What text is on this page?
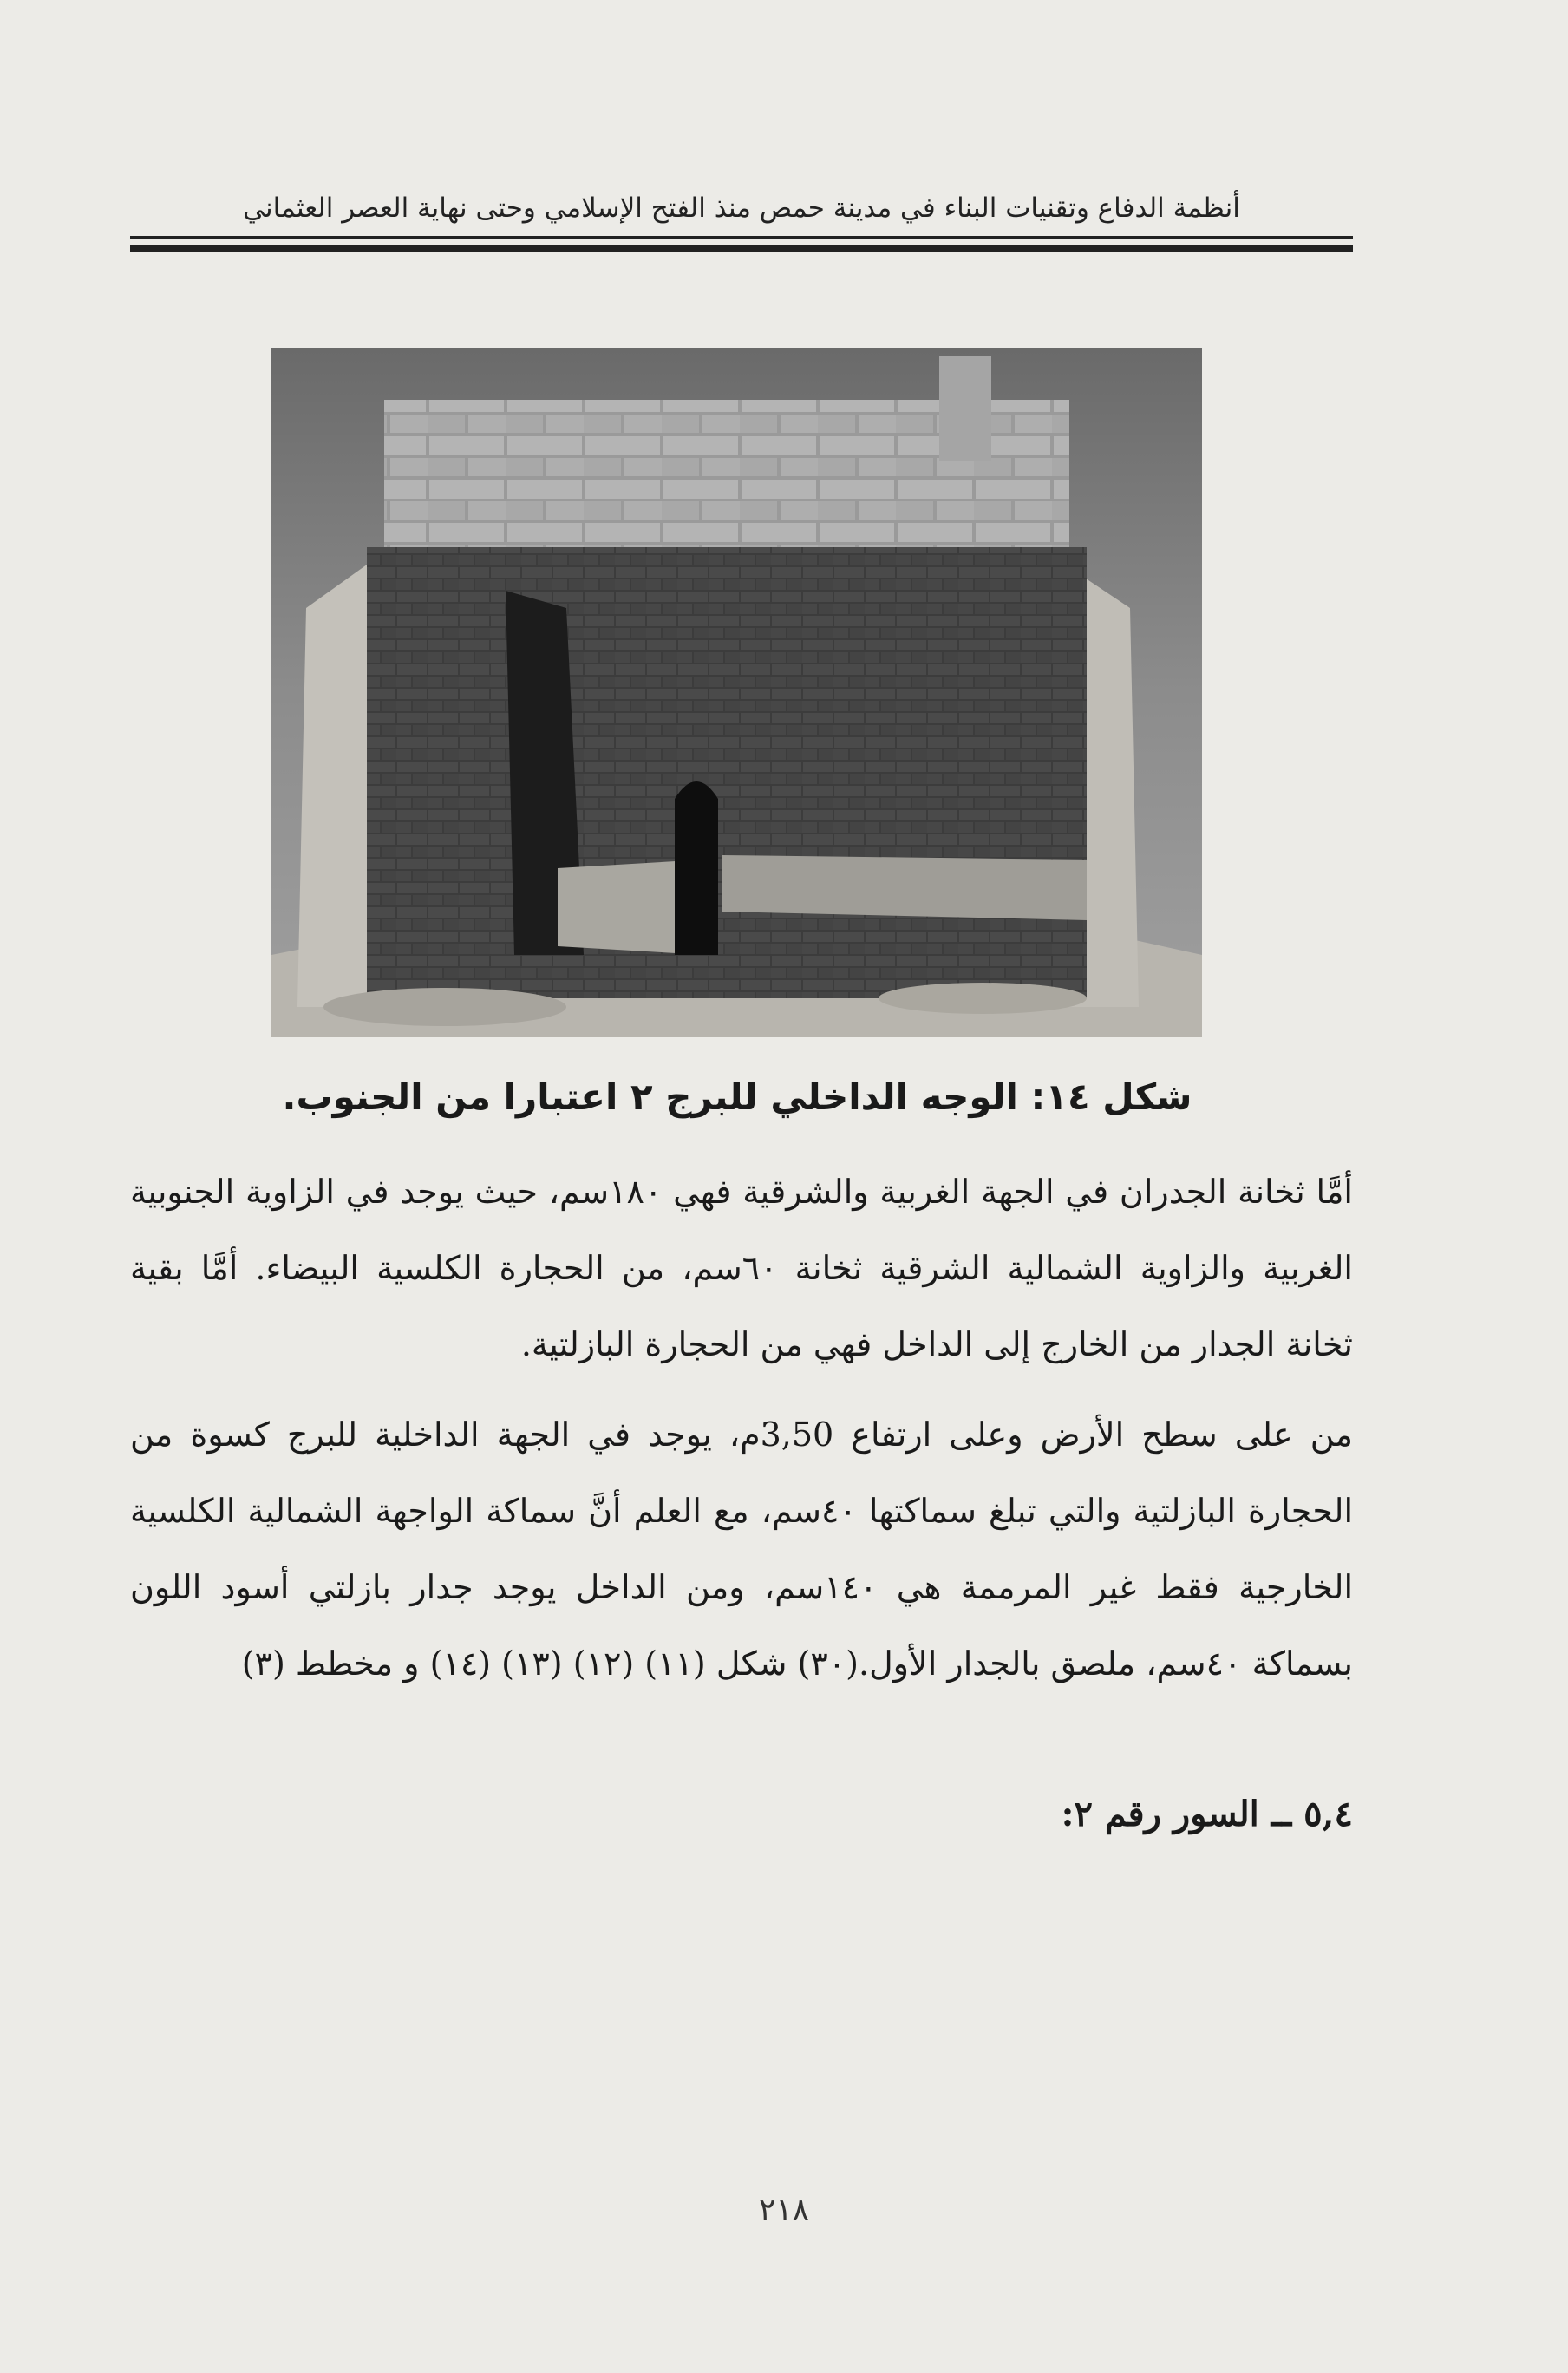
أنظمة الدفاع وتقنيات البناء في مدينة حمص منذ الفتح الإسلامي وحتى نهاية العصر العثماني
شكل ١٤: الوجه الداخلي للبرج ٢ اعتبارا من الجنوب.

أمَّا ثخانة الجدران في الجهة الغربية والشرقية فهي ١٨٠سم، حيث يوجد في الزاوية الجنوبية الغربية والزاوية الشمالية الشرقية ثخانة ٦٠سم، من الحجارة الكلسية البيضاء. أمَّا بقية ثخانة الجدار من الخارج إلى الداخل فهي من الحجارة البازلتية.

من على سطح الأرض وعلى ارتفاع 3,50م، يوجد في الجهة الداخلية للبرج كسوة من الحجارة البازلتية والتي تبلغ سماكتها ٤٠سم، مع العلم أنَّ سماكة الواجهة الشمالية الكلسية الخارجية فقط غير المرممة هي ١٤٠سم، ومن الداخل يوجد جدار بازلتي أسود اللون بسماكة ٤٠سم، ملصق بالجدار الأول.(٣٠) شكل (١١) (١٢) (١٣) (١٤) و مخطط (٣)

٥,٤ ــ السور رقم ٢:
٢١٨
